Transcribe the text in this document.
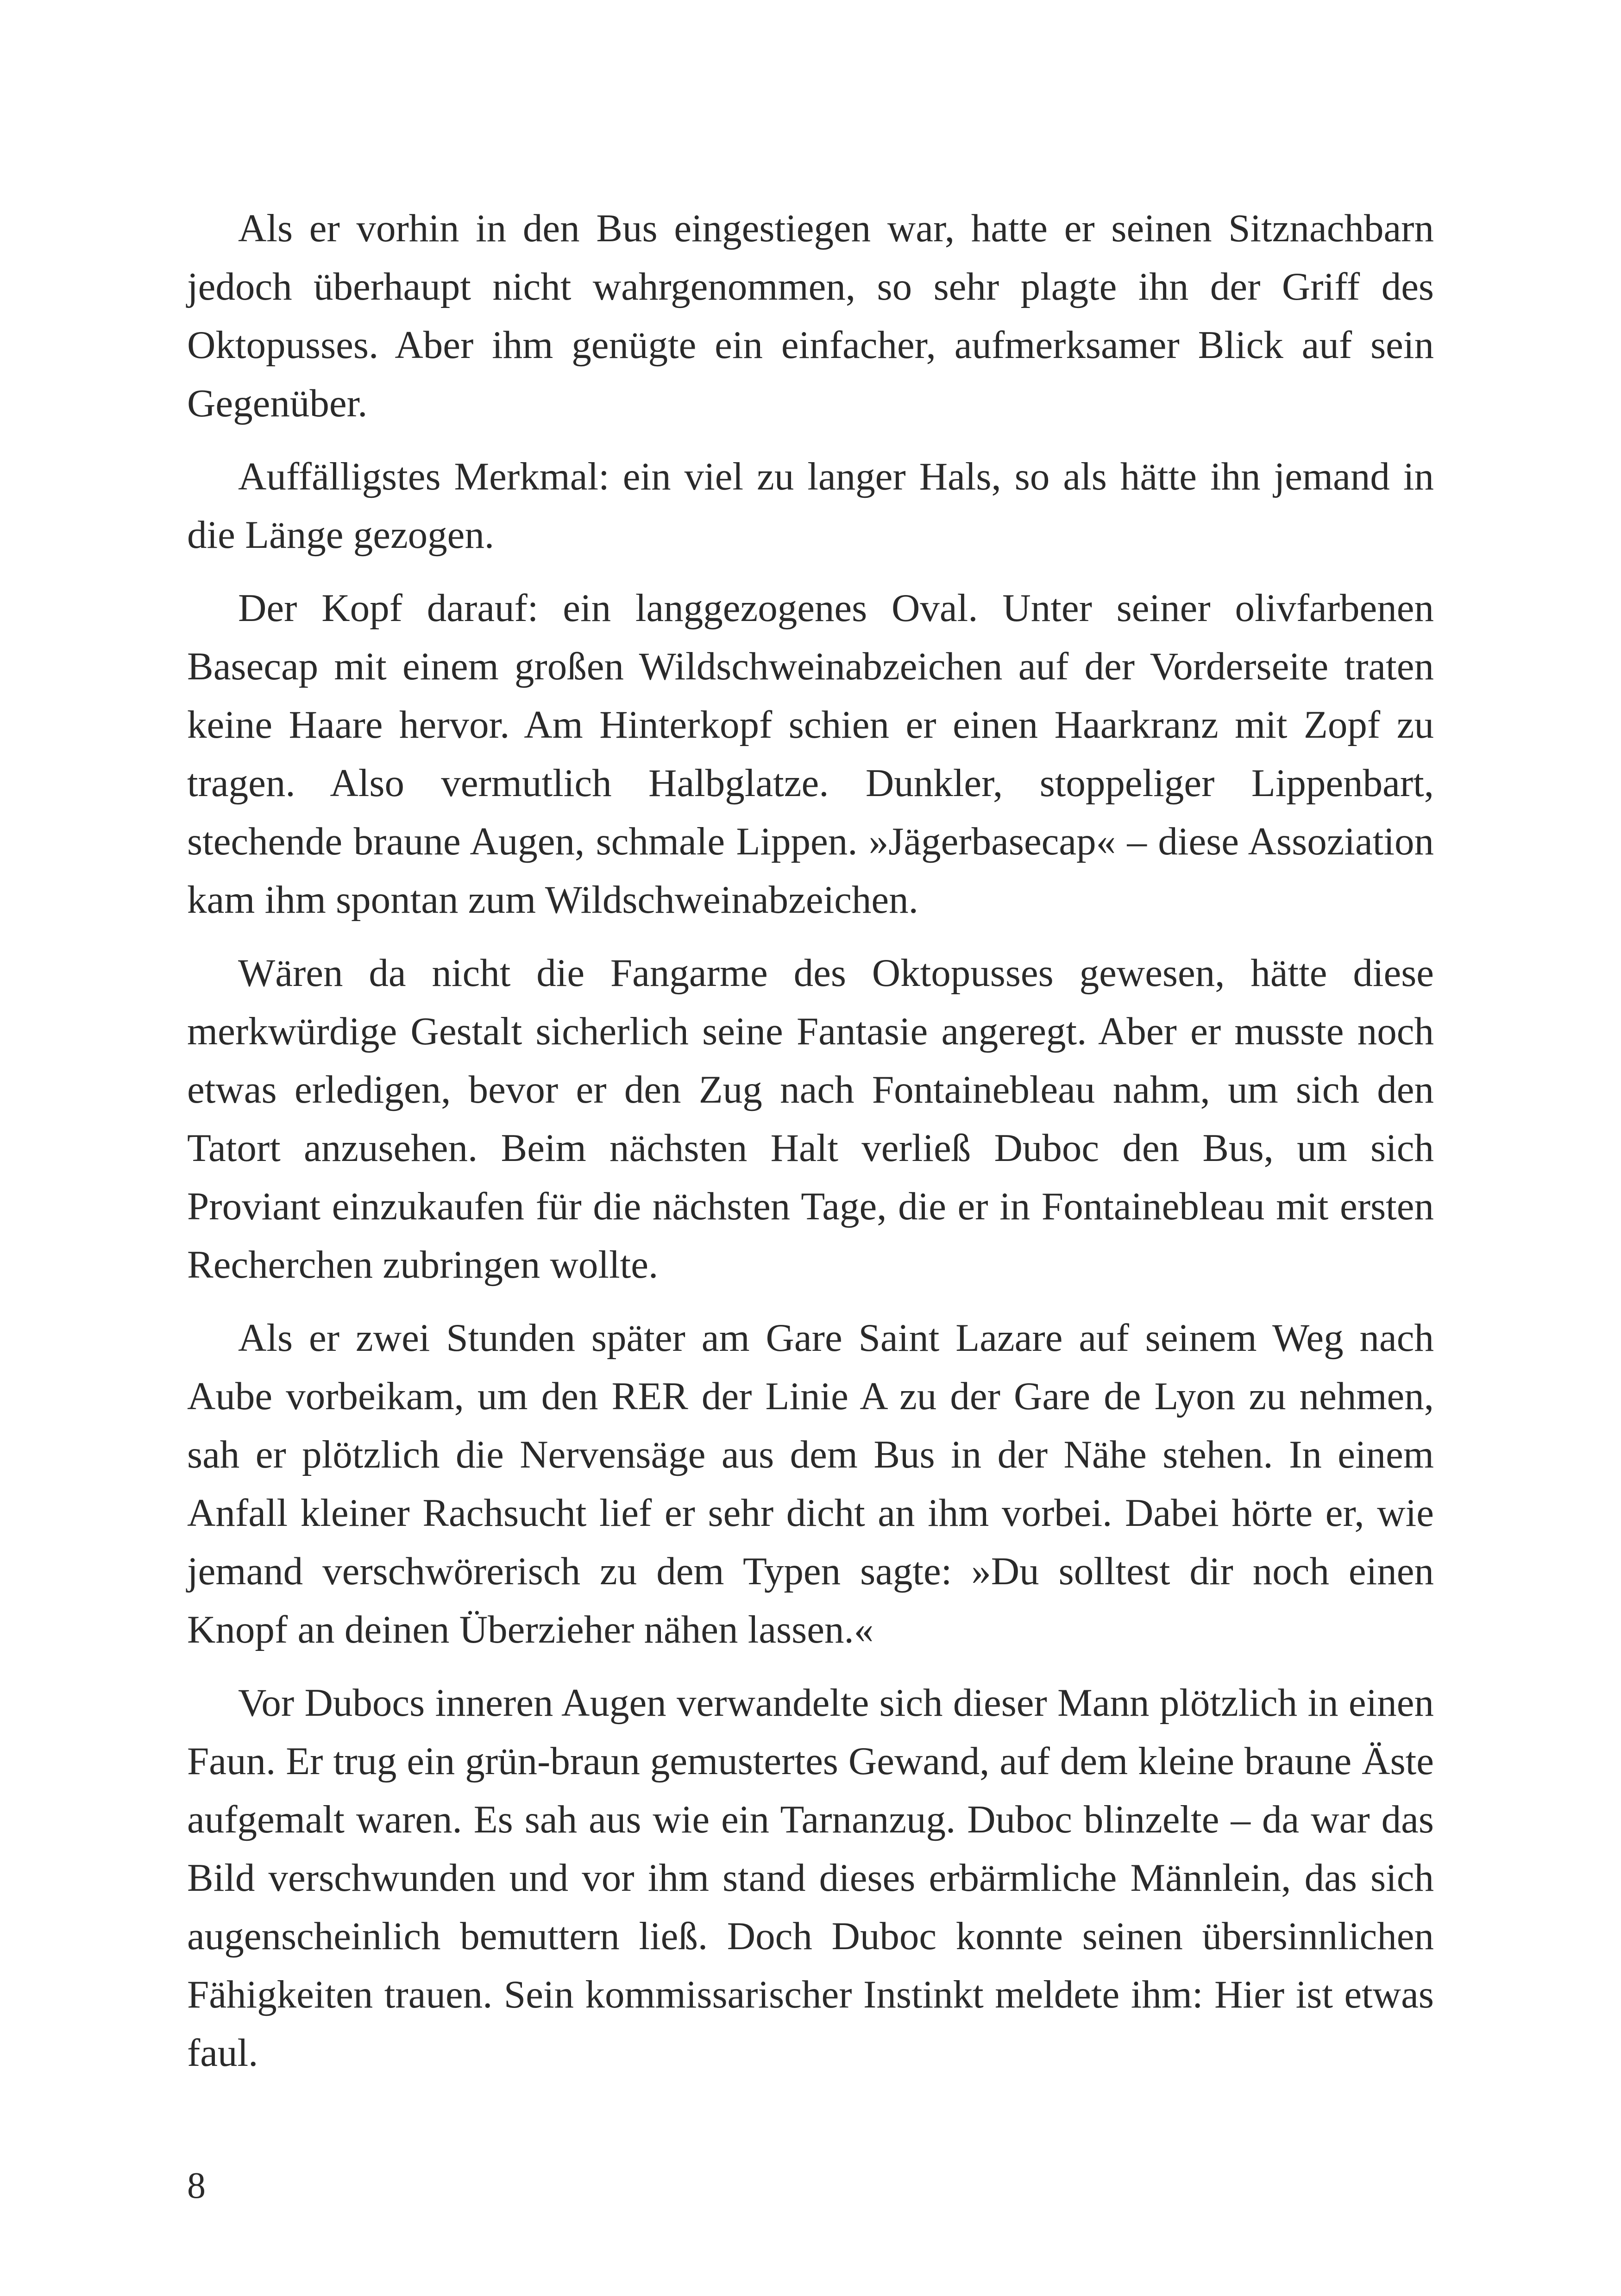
Als er vorhin in den Bus eingestiegen war, hatte er seinen Sitznachbarn jedoch überhaupt nicht wahrgenommen, so sehr plagte ihn der Griff des Oktopusses. Aber ihm genügte ein einfacher, aufmerksamer Blick auf sein Gegenüber.

Auffälligstes Merkmal: ein viel zu langer Hals, so als hätte ihn jemand in die Länge gezogen.

Der Kopf darauf: ein langgezogenes Oval. Unter seiner olivfarbenen Basecap mit einem großen Wildschweinabzeichen auf der Vorderseite traten keine Haare hervor. Am Hinterkopf schien er einen Haarkranz mit Zopf zu tragen. Also vermutlich Halbglatze. Dunkler, stoppeliger Lippenbart, stechende braune Augen, schmale Lippen. »Jägerbasecap« – diese Assoziation kam ihm spontan zum Wildschweinabzeichen.

Wären da nicht die Fangarme des Oktopusses gewesen, hätte diese merkwürdige Gestalt sicherlich seine Fantasie angeregt. Aber er musste noch etwas erledigen, bevor er den Zug nach Fontainebleau nahm, um sich den Tatort anzusehen. Beim nächsten Halt verließ Duboc den Bus, um sich Proviant einzukaufen für die nächsten Tage, die er in Fontainebleau mit ersten Recherchen zubringen wollte.

Als er zwei Stunden später am Gare Saint Lazare auf seinem Weg nach Aube vorbeikam, um den RER der Linie A zu der Gare de Lyon zu nehmen, sah er plötzlich die Nervensäge aus dem Bus in der Nähe stehen. In einem Anfall kleiner Rachsucht lief er sehr dicht an ihm vorbei. Dabei hörte er, wie jemand verschwörerisch zu dem Typen sagte: »Du solltest dir noch einen Knopf an deinen Überzieher nähen lassen.«

Vor Dubocs inneren Augen verwandelte sich dieser Mann plötzlich in einen Faun. Er trug ein grün-braun gemustertes Gewand, auf dem kleine braune Äste aufgemalt waren. Es sah aus wie ein Tarnanzug. Duboc blinzelte – da war das Bild verschwunden und vor ihm stand dieses erbärmliche Männlein, das sich augenscheinlich bemuttern ließ. Doch Duboc konnte seinen übersinnlichen Fähigkeiten trauen. Sein kommissarischer Instinkt meldete ihm: Hier ist etwas faul.

8
